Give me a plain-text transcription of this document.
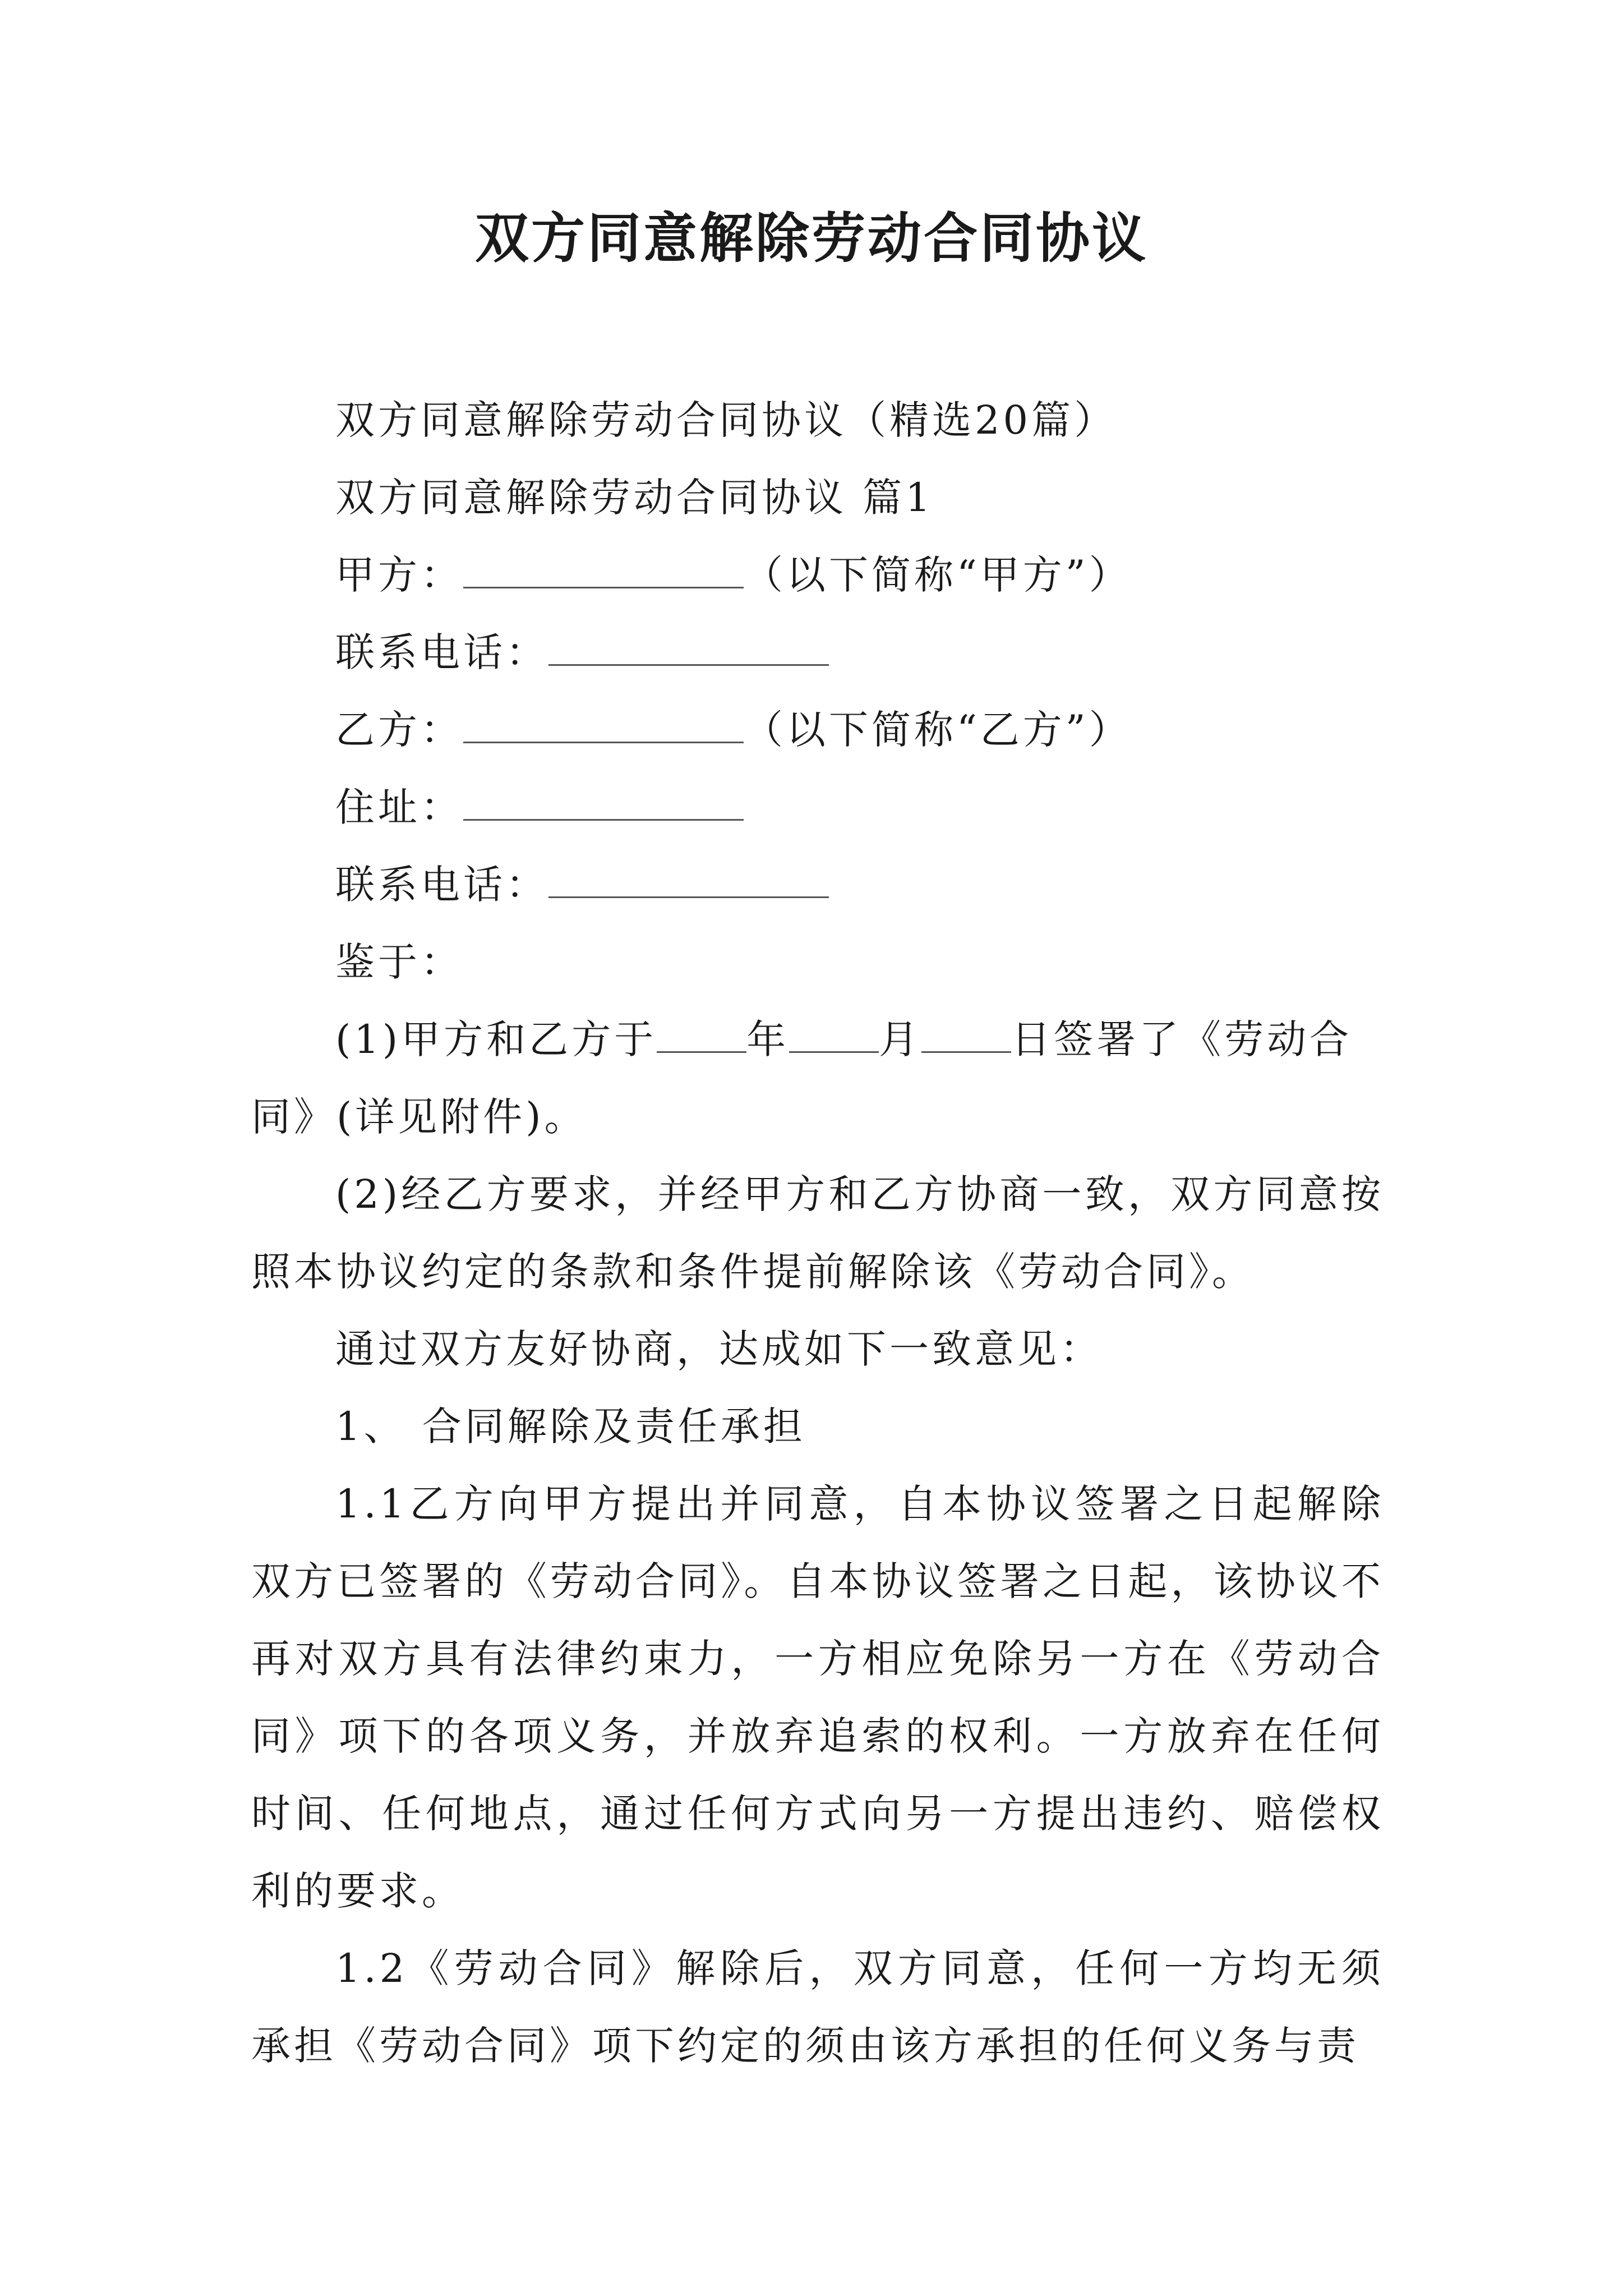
双方同意解除劳动合同协议
双方同意解除劳动合同协议（精选20篇）
双方同意解除劳动合同协议 篇1
甲方：	（以下简称“甲方”）
联系电话：
乙方：	（以下简称“乙方”）
住址：
联系电话：
鉴于：
(1)甲方和乙方于 年 月 日签署了《劳动合
同》(详见附件)。
(2)经乙方要求，并经甲方和乙方协商一致，双方同意按照本协议约定的条款和条件提前解除该《劳动合同》。
通过双方友好协商，达成如下一致意见：
1、 合同解除及责任承担
1.1乙方向甲方提出并同意，自本协议签署之日起解除双方已签署的《劳动合同》。自本协议签署之日起，该协议不再对双方具有法律约束力，一方相应免除另一方在《劳动合同》项下的各项义务，并放弃追索的权利。一方放弃在任何时间、任何地点，通过任何方式向另一方提出违约、赔偿权利的要求。
1.2《劳动合同》解除后，双方同意，任何一方均无须承担《劳动合同》项下约定的须由该方承担的任何义务与责
